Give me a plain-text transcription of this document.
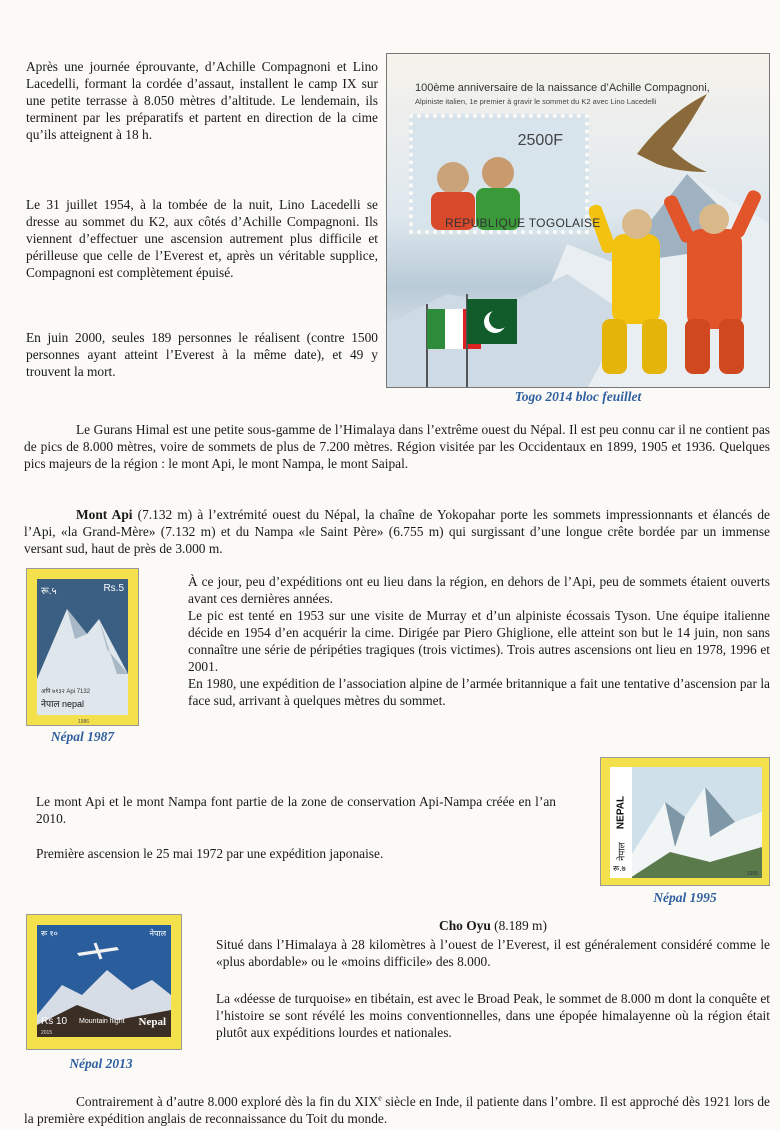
Après une journée éprouvante, d’Achille Compagnoni et Lino Lacedelli, formant la cordée d’assaut, installent le camp IX sur une petite terrasse à 8.050 mètres d’altitude. Le lendemain, ils terminent par les préparatifs et partent en direction de la cime qu’ils atteignent à 18 h.

Le 31 juillet 1954, à la tombée de la nuit, Lino Lacedelli se dresse au sommet du K2, aux côtés d’Achille Compagnoni. Ils viennent d’effectuer une ascension autrement plus difficile et périlleuse que celle de l’Everest et, après un véritable supplice, Compagnoni est complètement épuisé.

En juin 2000, seules 189 personnes le réalisent (contre 1500 personnes ayant atteint l’Everest à la même date), et 49 y trouvent la mort.

100ème anniversaire de la naissance d’Achille Compagnoni,
Alpiniste italien, 1e premier à gravir le sommet du K2 avec Lino Lacedelli
2500F
REPUBLIQUE TOGOLAISE
Togo 2014 bloc feuillet

Le Gurans Himal est une petite sous-gamme de l’Himalaya dans l’extrême ouest du Népal. Il est peu connu car il ne contient pas de pics de 8.000 mètres, voire de sommets de plus de 7.200 mètres. Région visitée par les Occidentaux en 1899, 1905 et 1936. Quelques pics majeurs de la région : le mont Api, le mont Nampa, le mont Saipal.

Mont Api (7.132 m) à l’extrémité ouest du Népal, la chaîne de Yokopahar porte les sommets impressionnants et élancés de l’Api, «la Grand-Mère» (7.132 m) et du Nampa «le Saint Père» (6.755 m) qui surgissant d’une longue crête bordée par un immense versant sud, haut de près de 3.000 m.

रू.५	Rs.5
अपि ७१३२ Api 7132
नेपाल nepal
1986
Népal 1987
À ce jour, peu d’expéditions ont eu lieu dans la région, en dehors de l’Api, peu de sommets étaient ouverts avant ces dernières années.
Le pic est tenté en 1953 sur une visite de Murray et d’un alpiniste écossais Tyson. Une équipe italienne décide en 1954 d’en acquérir la cime. Dirigée par Piero Ghiglione, elle atteint son but le 14 juin, non sans connaître une série de péripéties tragiques (trois victimes). Trois autres ascensions ont lieu en 1978, 1996 et 2001.
En 1980, une expédition de l’association alpine de l’armée britannique a fait une tentative d’ascension par la face sud, arrivant à quelques mètres du sommet.

Le mont Api et le mont Nampa font partie de la zone de conservation Api-Nampa créée en l’an 2010.

Première ascension le 25 mai 1972 par une expédition japonaise.

NEPAL
नेपाल
रू.७
1995
Népal 1995
रू १०	नेपाल
Rs 10 Mountain flight Nepal
2015
Népal 2013
Cho Oyu (8.189 m)

Situé dans l’Himalaya à 28 kilomètres à l’ouest de l’Everest, il est généralement considéré comme le «plus abordable» ou le «moins difficile» des 8.000.

La «déesse de turquoise» en tibétain, est avec le Broad Peak, le sommet de 8.000 m dont la conquête et l’histoire se sont révélé les moins conventionnelles, dans une épopée himalayenne où la région était plutôt aux expéditions lourdes et nationales.

Contrairement à d’autre 8.000 exploré dès la fin du XIXe siècle en Inde, il patiente dans l’ombre. Il est approché dès 1921 lors de la première expédition anglais de reconnaissance du Toit du monde.
